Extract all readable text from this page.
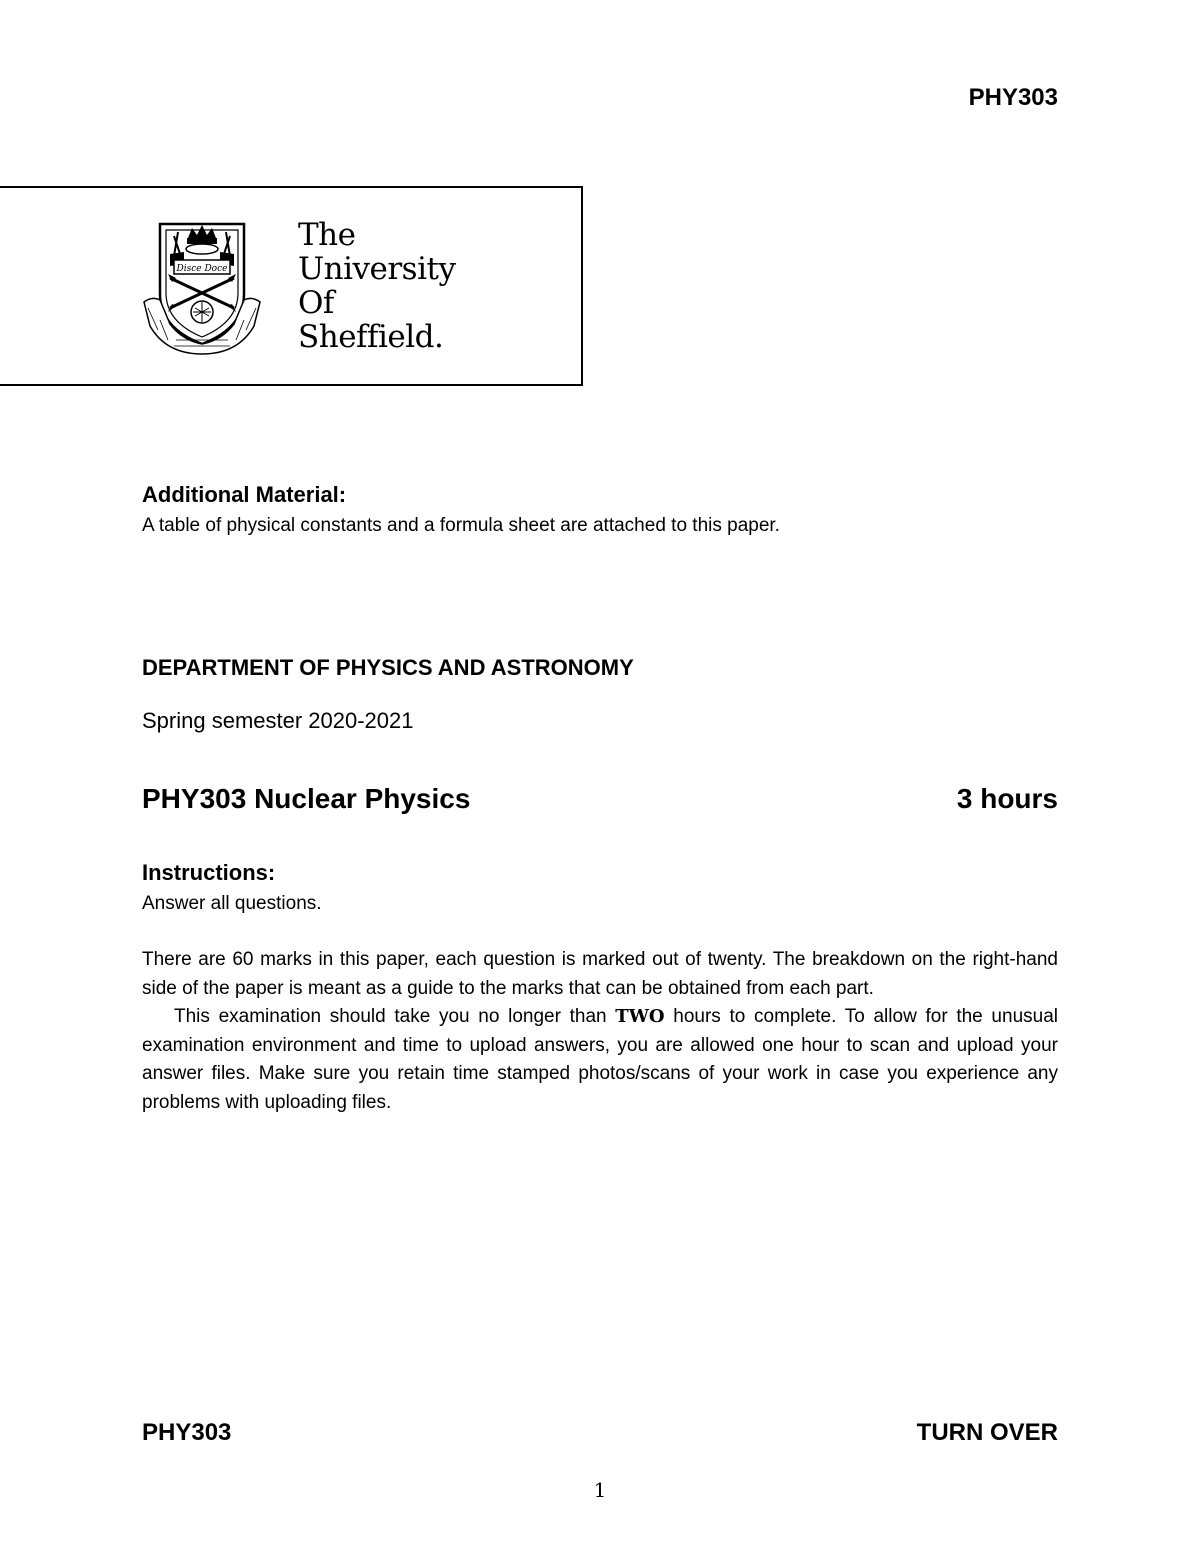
PHY303
Disce Doce
The
University
Of
Sheffield.
Additional Material:
A table of physical constants and a formula sheet are attached to this paper.
DEPARTMENT OF PHYSICS AND ASTRONOMY
Spring semester 2020-2021
PHY303 Nuclear Physics	3 hours
Instructions:
Answer all questions.

There are 60 marks in this paper, each question is marked out of twenty. The breakdown on the right-hand side of the paper is meant as a guide to the marks that can be obtained from each part.

This examination should take you no longer than TWO hours to complete. To allow for the unusual examination environment and time to upload answers, you are allowed one hour to scan and upload your answer files. Make sure you retain time stamped photos/scans of your work in case you experience any problems with uploading files.

PHY303	TURN OVER
1
